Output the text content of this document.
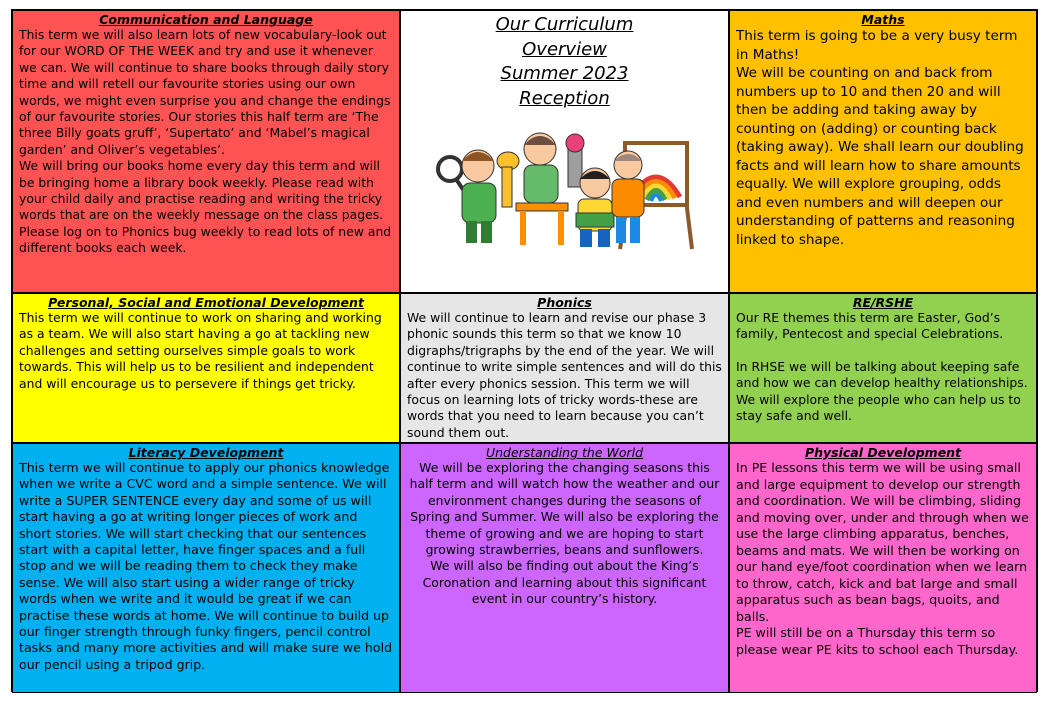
Communication and Language

This term we will also learn lots of new vocabulary-look out for our WORD OF THE WEEK and try and use it whenever we can. We will continue to share books through daily story time and will retell our favourite stories using our own words, we might even surprise you and change the endings of our favourite stories. Our stories this half term are ‘The three Billy goats gruff’, ‘Supertato’ and ‘Mabel’s magical garden’ and Oliver’s vegetables’.

We will bring our books home every day this term and will be bringing home a library book weekly. Please read with your child daily and practise reading and writing the tricky words that are on the weekly message on the class pages.

Please log on to Phonics bug weekly to read lots of new and different books each week.

Our Curriculum
Overview
Summer 2023
Reception
Maths

This term is going to be a very busy term in Maths!

We will be counting on and back from numbers up to 10 and then 20 and will then be adding and taking away by counting on (adding) or counting back (taking away). We shall learn our doubling facts and will learn how to share amounts equally. We will explore grouping, odds and even numbers and will deepen our understanding of patterns and reasoning linked to shape.

Personal, Social and Emotional Development

This term we will continue to work on sharing and working as a team. We will also start having a go at tackling new challenges and setting ourselves simple goals to work towards. This will help us to be resilient and independent and will encourage us to persevere if things get tricky.

Phonics

We will continue to learn and revise our phase 3 phonic sounds this term so that we know 10 digraphs/trigraphs by the end of the year. We will continue to write simple sentences and will do this after every phonics session. This term we will focus on learning lots of tricky words-these are words that you need to learn because you can’t sound them out.

RE/RSHE

Our RE themes this term are Easter, God’s family, Pentecost and special Celebrations.

In RHSE we will be talking about keeping safe and how we can develop healthy relationships. We will explore the people who can help us to stay safe and well.

Literacy Development

This term we will continue to apply our phonics knowledge when we write a CVC word and a simple sentence. We will write a SUPER SENTENCE every day and some of us will start having a go at writing longer pieces of work and short stories. We will start checking that our sentences start with a capital letter, have finger spaces and a full stop and we will be reading them to check they make sense. We will also start using a wider range of tricky words when we write and it would be great if we can practise these words at home. We will continue to build up our finger strength through funky fingers, pencil control tasks and many more activities and will make sure we hold our pencil using a tripod grip.

Understanding the World

We will be exploring the changing seasons this half term and will watch how the weather and our environment changes during the seasons of Spring and Summer. We will also be exploring the theme of growing and we are hoping to start growing strawberries, beans and sunflowers.

We will also be finding out about the King’s Coronation and learning about this significant event in our country’s history.

Physical Development

In PE lessons this term we will be using small and large equipment to develop our strength and coordination. We will be climbing, sliding and moving over, under and through when we use the large climbing apparatus, benches, beams and mats. We will then be working on our hand eye/foot coordination when we learn to throw, catch, kick and bat large and small apparatus such as bean bags, quoits, and balls.

PE will still be on a Thursday this term so please wear PE kits to school each Thursday.
